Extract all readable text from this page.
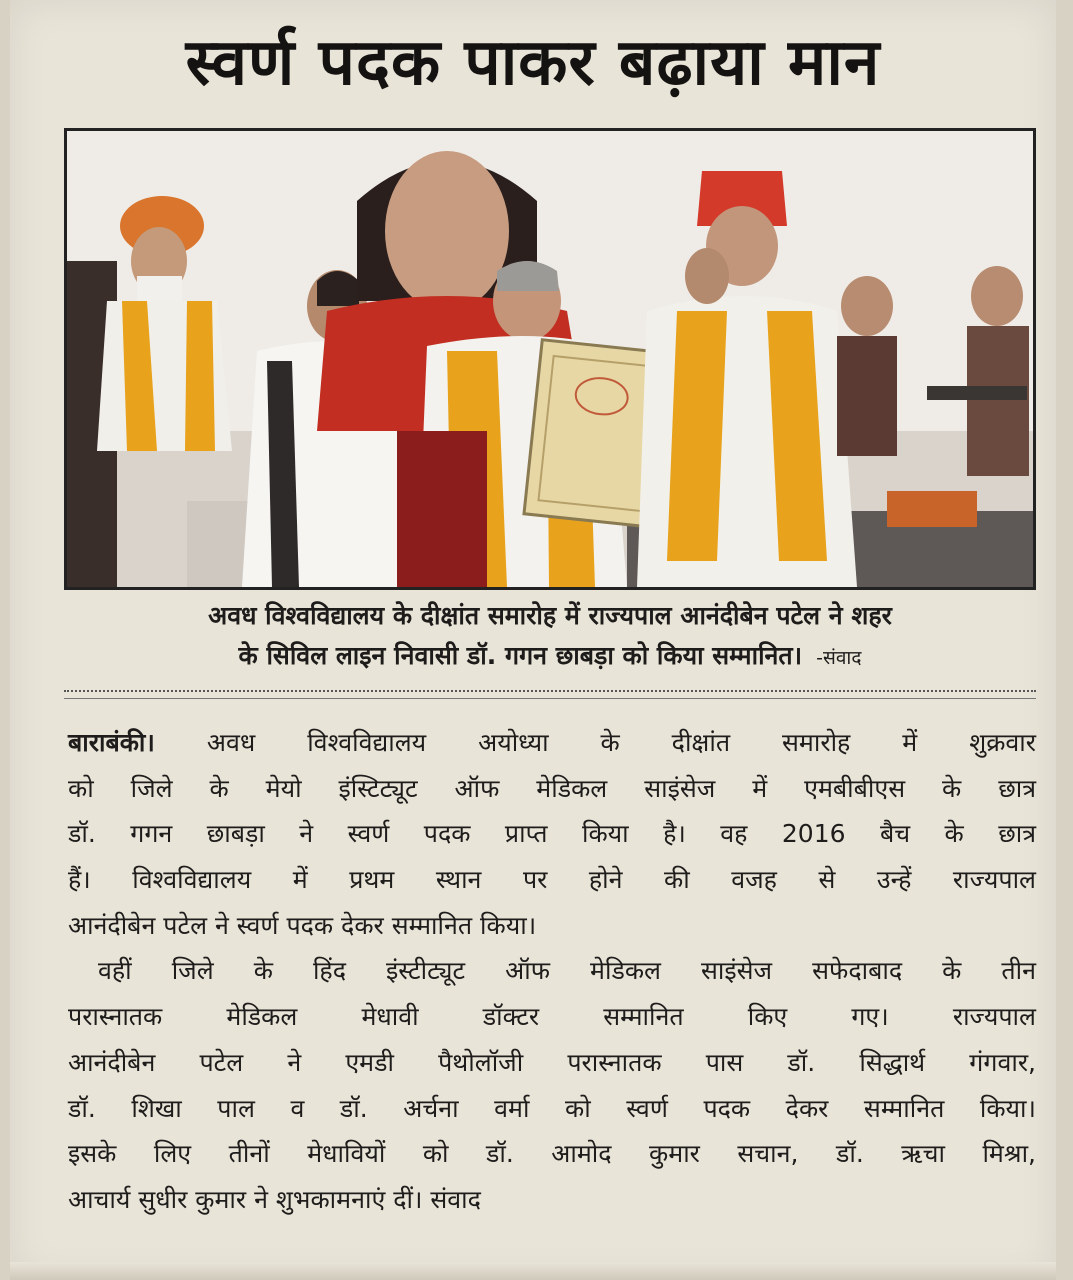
स्वर्ण पदक पाकर बढ़ाया मान
अवध विश्वविद्यालय के दीक्षांत समारोह में राज्यपाल आनंदीबेन पटेल ने शहर
के सिविल लाइन निवासी डॉ. गगन छाबड़ा को किया सम्मानित। -संवाद
बाराबंकी। अवध विश्वविद्यालय अयोध्या के दीक्षांत समारोह में शुक्रवार
को जिले के मेयो इंस्टिट्यूट ऑफ मेडिकल साइंसेज में एमबीबीएस के छात्र
डॉ. गगन छाबड़ा ने स्वर्ण पदक प्राप्त किया है। वह 2016 बैच के छात्र
हैं। विश्वविद्यालय में प्रथम स्थान पर होने की वजह से उन्हें राज्यपाल
आनंदीबेन पटेल ने स्वर्ण पदक देकर सम्मानित किया।
वहीं जिले के हिंद इंस्टीट्यूट ऑफ मेडिकल साइंसेज सफेदाबाद के तीन
परास्नातक मेडिकल मेधावी डॉक्टर सम्मानित किए गए। राज्यपाल
आनंदीबेन पटेल ने एमडी पैथोलॉजी परास्नातक पास डॉ. सिद्धार्थ गंगवार,
डॉ. शिखा पाल व डॉ. अर्चना वर्मा को स्वर्ण पदक देकर सम्मानित किया।
इसके लिए तीनों मेधावियों को डॉ. आमोद कुमार सचान, डॉ. ऋचा मिश्रा,
आचार्य सुधीर कुमार ने शुभकामनाएं दीं। संवाद
